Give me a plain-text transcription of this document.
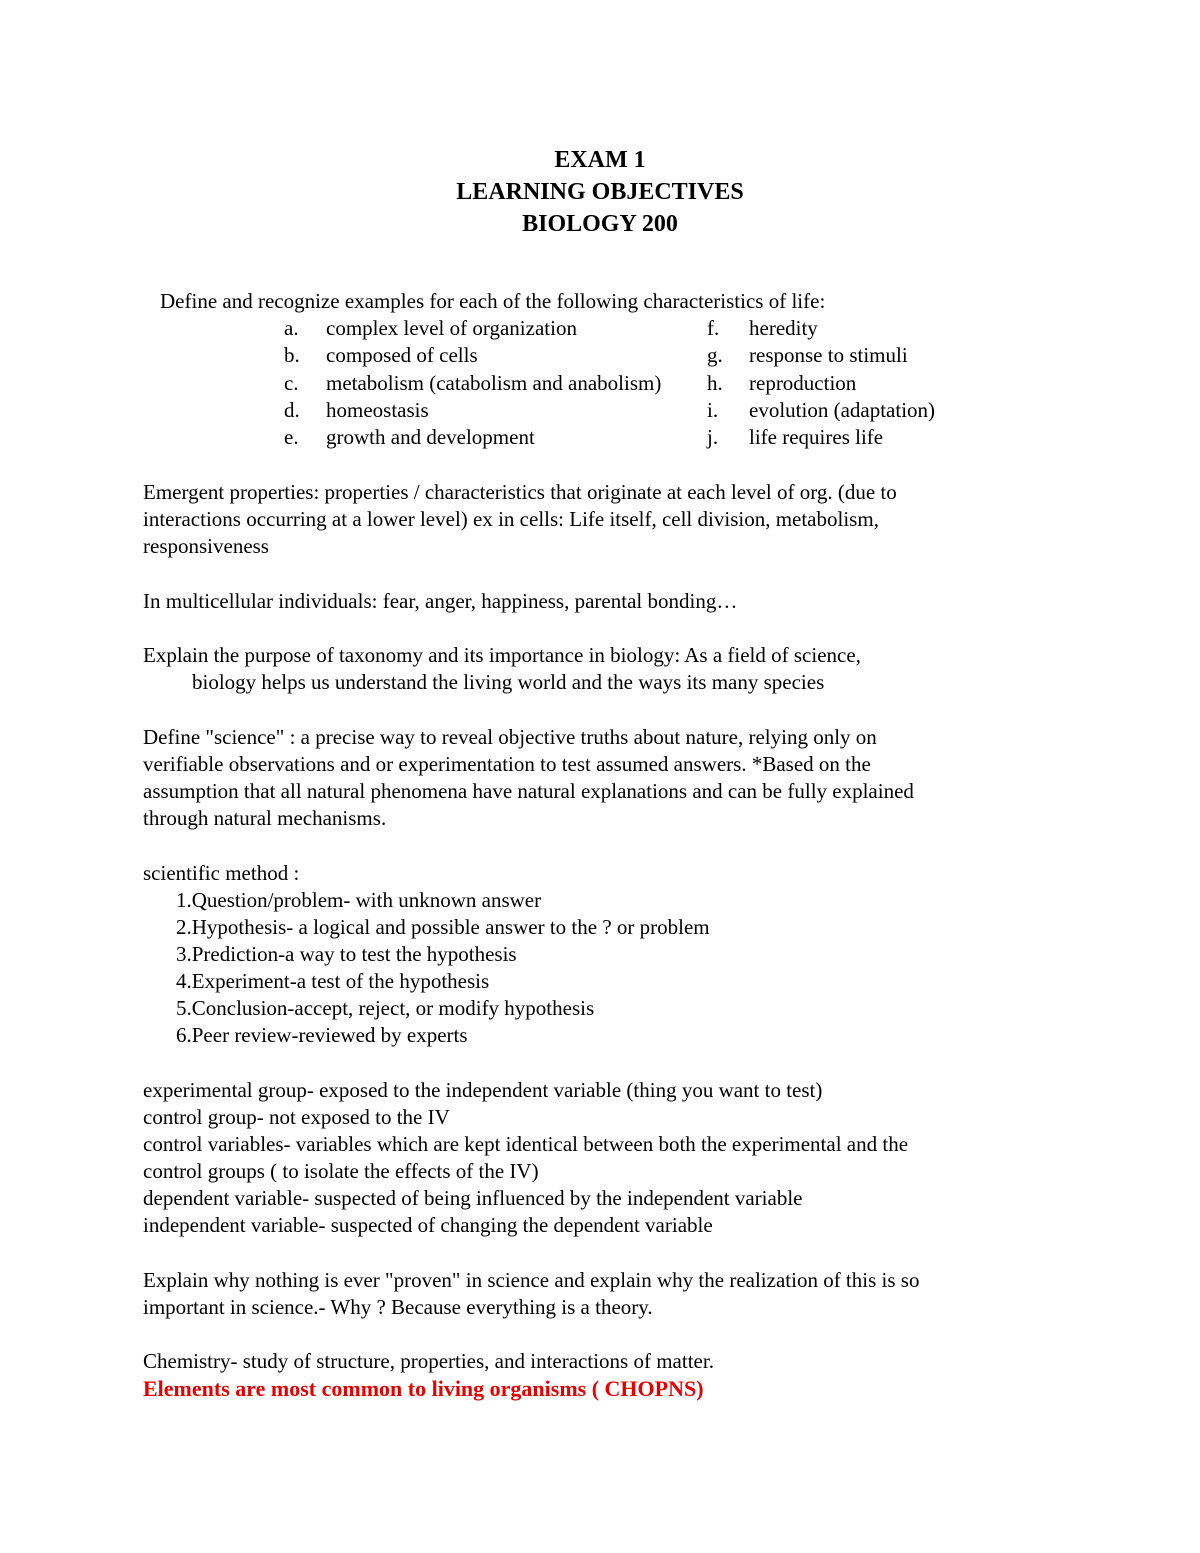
EXAM 1
LEARNING OBJECTIVES
BIOLOGY 200
Define and recognize examples for each of the following characteristics of life:
a. complex level of organization	f. heredity
b. composed of cells	g. response to stimuli
c. metabolism (catabolism and anabolism) h. reproduction
d. homeostasis	i. evolution (adaptation)
e. growth and development	j. life requires life
Emergent properties: properties / characteristics that originate at each level of org. (due to
interactions occurring at a lower level) ex in cells: Life itself, cell division, metabolism,
responsiveness
In multicellular individuals: fear, anger, happiness, parental bonding…
Explain the purpose of taxonomy and its importance in biology: As a field of science,
biology helps us understand the living world and the ways its many species
Define "science" : a precise way to reveal objective truths about nature, relying only on
verifiable observations and or experimentation to test assumed answers. *Based on the
assumption that all natural phenomena have natural explanations and can be fully explained
through natural mechanisms.
scientific method :
1.Question/problem- with unknown answer
2.Hypothesis- a logical and possible answer to the ? or problem
3.Prediction-a way to test the hypothesis
4.Experiment-a test of the hypothesis
5.Conclusion-accept, reject, or modify hypothesis
6.Peer review-reviewed by experts
experimental group- exposed to the independent variable (thing you want to test)
control group- not exposed to the IV
control variables- variables which are kept identical between both the experimental and the
control groups ( to isolate the effects of the IV)
dependent variable- suspected of being influenced by the independent variable
independent variable- suspected of changing the dependent variable
Explain why nothing is ever "proven" in science and explain why the realization of this is so
important in science.- Why ? Because everything is a theory.
Chemistry- study of structure, properties, and interactions of matter.
Elements are most common to living organisms ( CHOPNS)
